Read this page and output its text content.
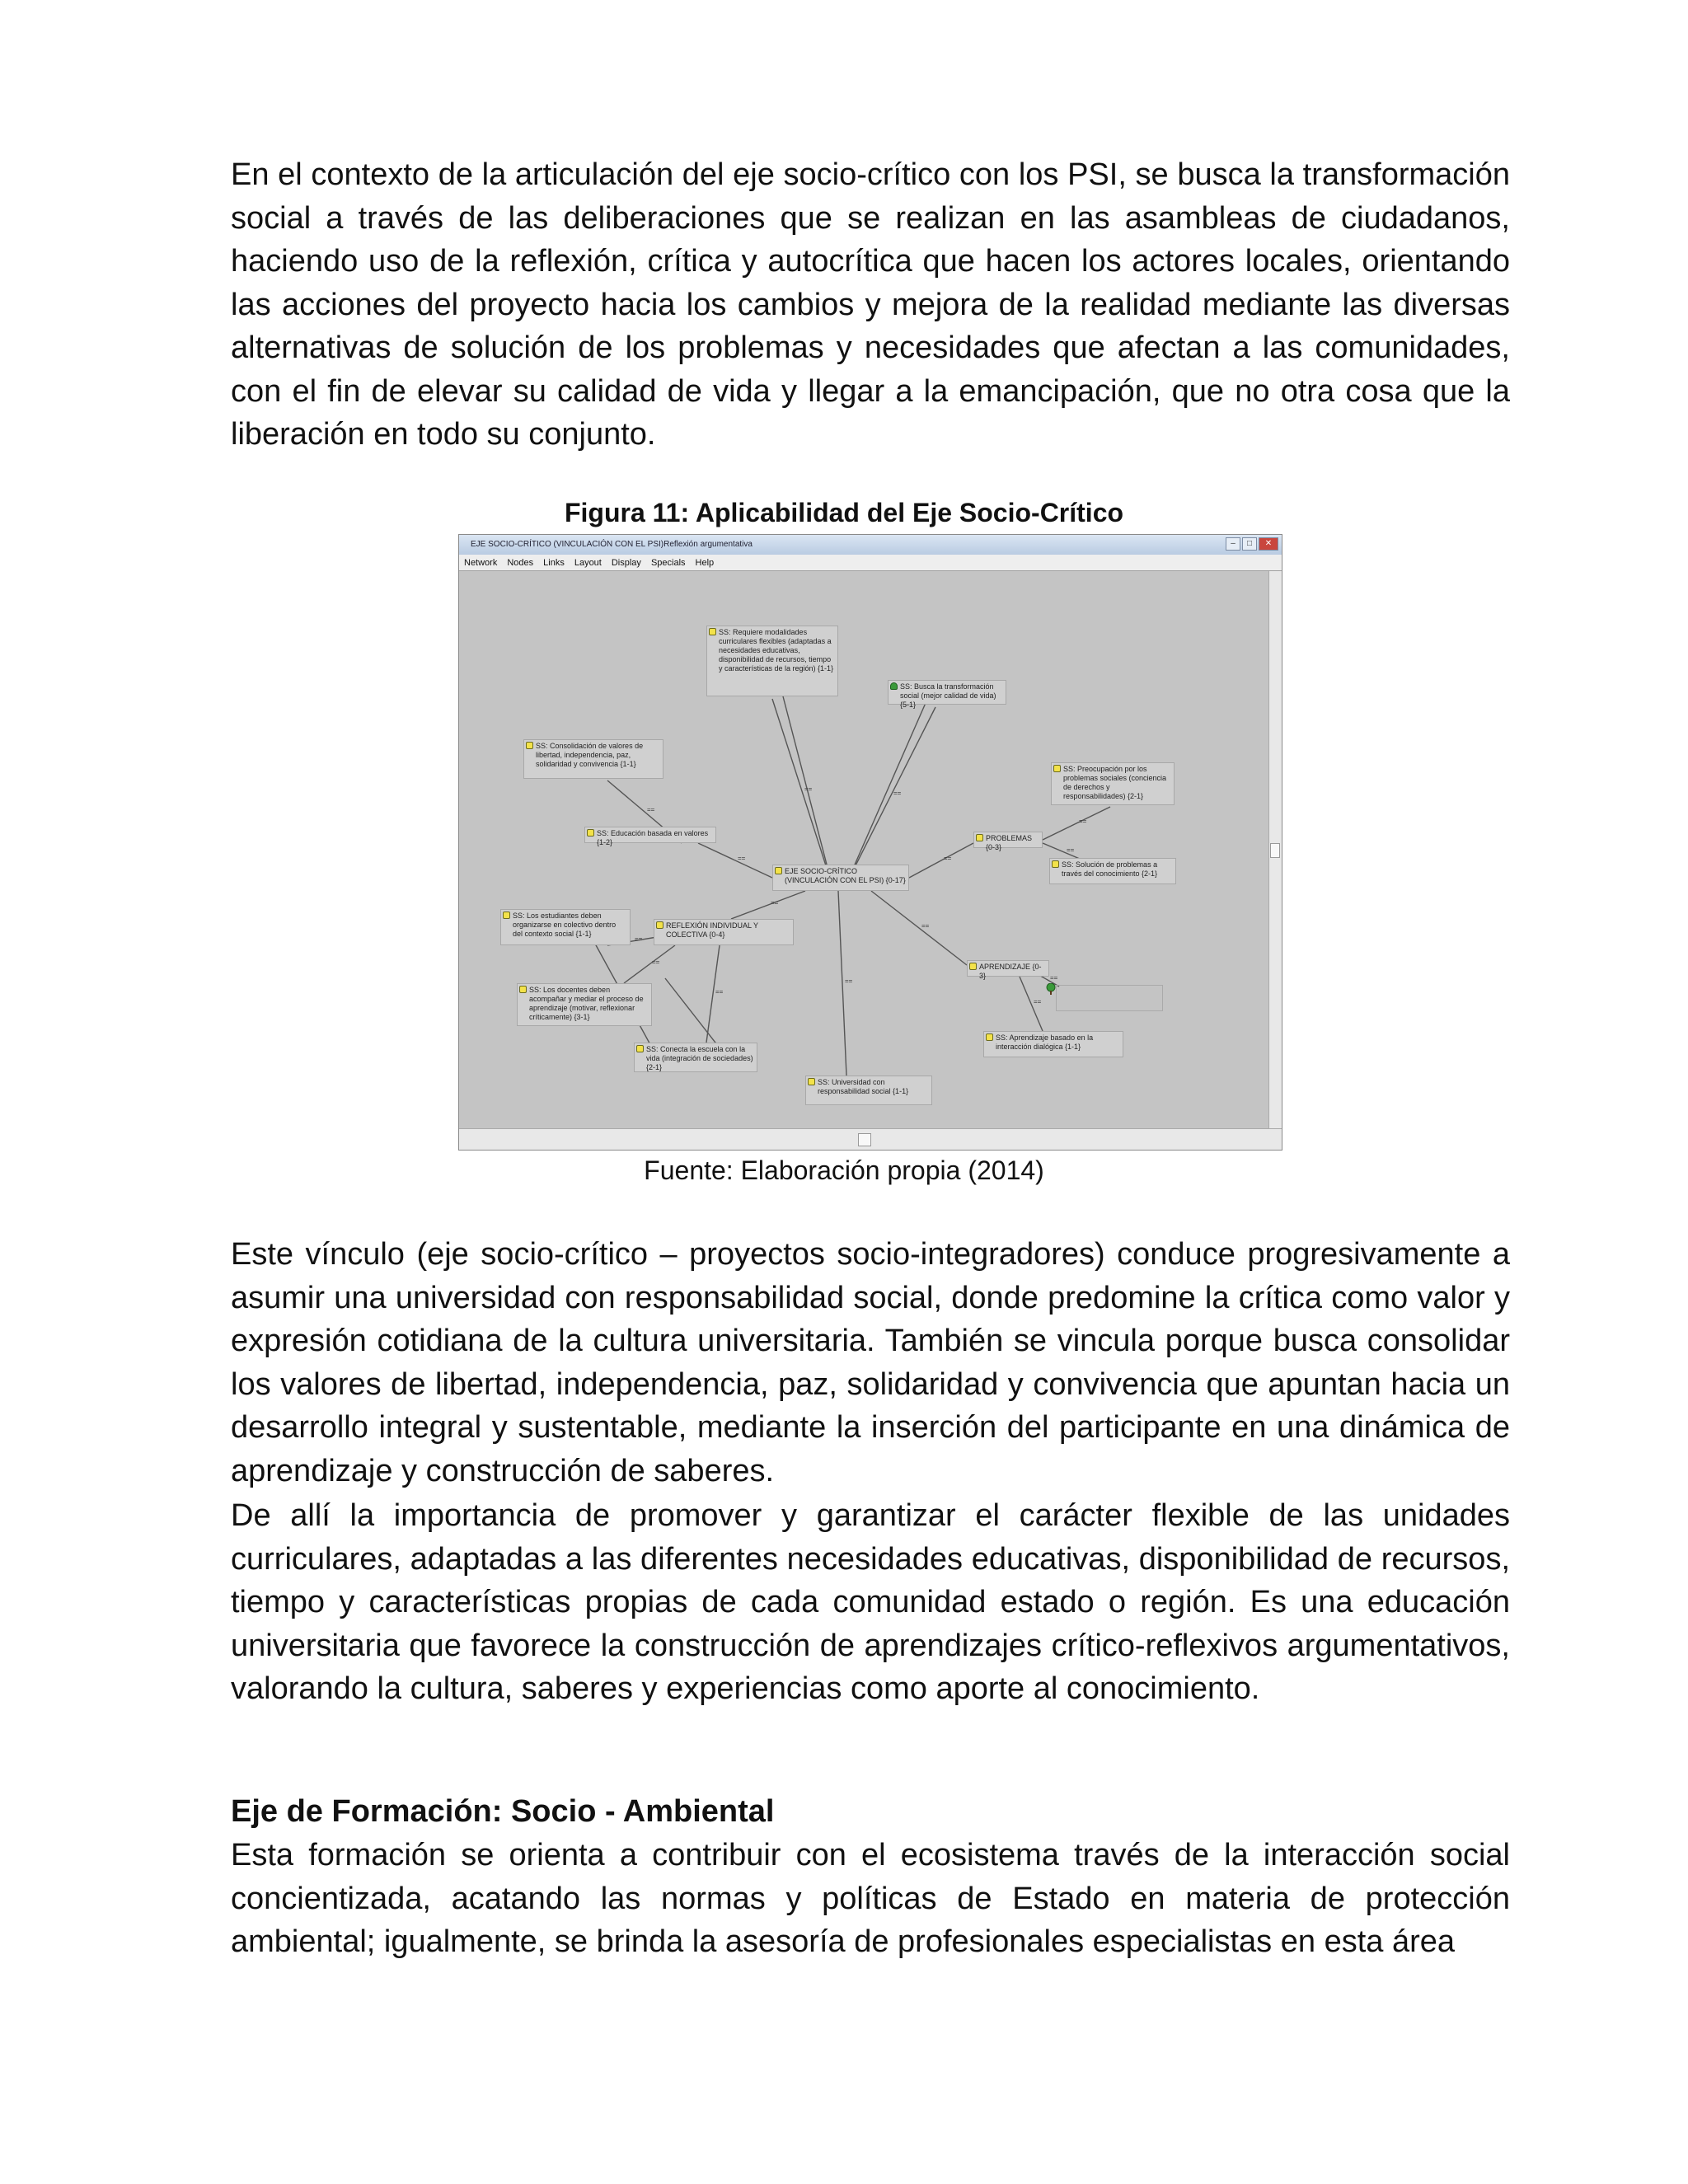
En el contexto de la articulación del eje socio-crítico con los PSI, se busca la transformación social a través de las deliberaciones que se realizan en las asambleas de ciudadanos, haciendo uso de la reflexión, crítica y autocrítica que hacen los actores locales, orientando las acciones del proyecto hacia los cambios y mejora de la realidad mediante las diversas alternativas de solución de los problemas y necesidades que afectan a las comunidades, con el fin de elevar su calidad de vida y llegar a la emancipación, que no otra cosa que la liberación en todo su conjunto.

Figura 11: Aplicabilidad del Eje Socio-Crítico
EJE SOCIO-CRÍTICO (VINCULACIÓN CON EL PSI)Reflexión argumentativa	–	□	✕
Network Nodes Links Layout Display Specials Help
==
==
==	==
==
==
==
==
==
==
==
==
==
==
==
SS: Requiere modalidades curriculares flexibles (adaptadas a necesidades educativas, disponibilidad de recursos, tiempo y características de la región) {1-1}
SS: Busca la transformación social (mejor calidad de vida) {5-1}
SS: Consolidación de valores de libertad, independencia, paz, solidaridad y convivencia {1-1}
SS: Preocupación por los problemas sociales (conciencia de derechos y responsabilidades) {2-1}
SS: Educación basada en valores {1-2}	PROBLEMAS {0-3}
SS: Solución de problemas a través del conocimiento {2-1}
EJE SOCIO-CRÍTICO (VINCULACIÓN CON EL PSI) {0-17}
SS: Los estudiantes deben organizarse en colectivo dentro del contexto social {1-1}
REFLEXIÓN INDIVIDUAL Y COLECTIVA {0-4}
APRENDIZAJE {0-3}
SS: Los docentes deben acompañar y mediar el proceso de aprendizaje (motivar, reflexionar críticamente) {3-1}
SS: Aprendizaje basado en la interacción dialógica {1-1}
SS: Conecta la escuela con la vida (integración de sociedades) {2-1}
SS: Universidad con responsabilidad social {1-1}
Fuente: Elaboración propia (2014)

Este vínculo (eje socio-crítico – proyectos socio-integradores) conduce progresivamente a asumir una universidad con responsabilidad social, donde predomine la crítica como valor y expresión cotidiana de la cultura universitaria. También se vincula porque busca consolidar los valores de libertad, independencia, paz, solidaridad y convivencia que apuntan hacia un desarrollo integral y sustentable, mediante la inserción del participante en una dinámica de aprendizaje y construcción de saberes.

De allí la importancia de promover y garantizar el carácter flexible de las unidades curriculares, adaptadas a las diferentes necesidades educativas, disponibilidad de recursos, tiempo y características propias de cada comunidad estado o región. Es una educación universitaria que favorece la construcción de aprendizajes crítico-reflexivos argumentativos, valorando la cultura, saberes y experiencias como aporte al conocimiento.

Eje de Formación: Socio - Ambiental

Esta formación se orienta a contribuir con el ecosistema través de la interacción social concientizada, acatando las normas y políticas de Estado en materia de protección ambiental; igualmente, se brinda la asesoría de profesionales especialistas en esta área
